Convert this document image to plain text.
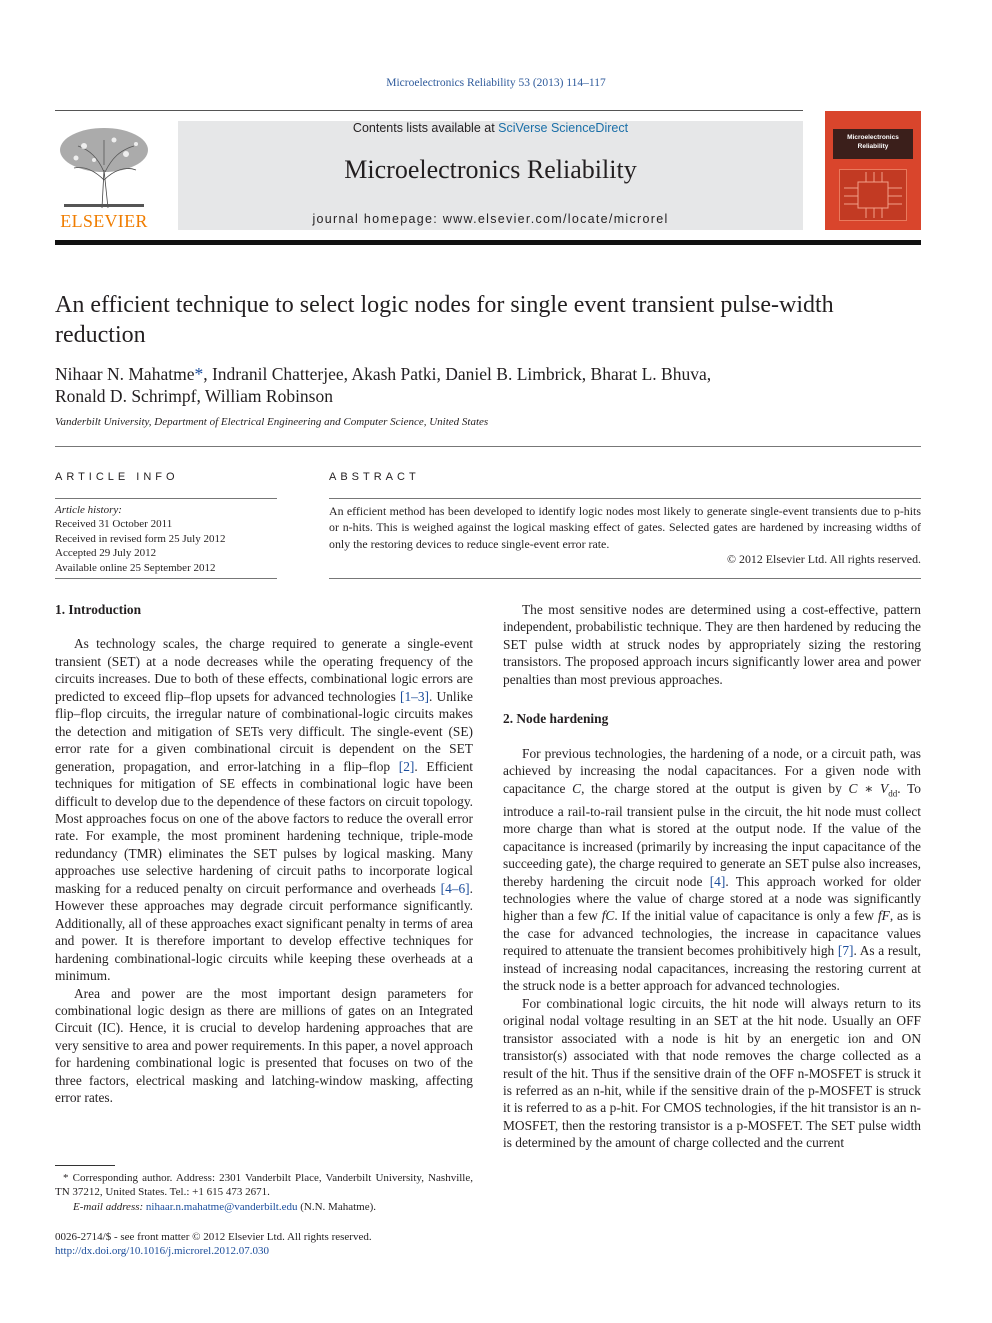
Microelectronics Reliability 53 (2013) 114–117
ELSEVIER
Contents lists available at SciVerse ScienceDirect
Microelectronics Reliability
journal homepage: www.elsevier.com/locate/microrel
Microelectronics Reliability
An efficient technique to select logic nodes for single event transient pulse-width reduction
Nihaar N. Mahatme*, Indranil Chatterjee, Akash Patki, Daniel B. Limbrick, Bharat L. Bhuva,
Ronald D. Schrimpf, William Robinson
Vanderbilt University, Department of Electrical Engineering and Computer Science, United States
ARTICLE INFO
Article history:
Received 31 October 2011
Received in revised form 25 July 2012
Accepted 29 July 2012
Available online 25 September 2012
ABSTRACT
An efficient method has been developed to identify logic nodes most likely to generate single-event transients due to p-hits or n-hits. This is weighed against the logical masking effect of gates. Selected gates are hardened by increasing widths of only the restoring devices to reduce single-event error rate.
© 2012 Elsevier Ltd. All rights reserved.
1. Introduction

As technology scales, the charge required to generate a single-event transient (SET) at a node decreases while the operating frequency of the circuits increases. Due to both of these effects, combinational logic errors are predicted to exceed flip–flop upsets for advanced technologies [1–3]. Unlike flip–flop circuits, the irregular nature of combinational-logic circuits makes the detection and mitigation of SETs very difficult. The single-event (SE) error rate for a given combinational circuit is dependent on the SET generation, propagation, and error-latching in a flip–flop [2]. Efficient techniques for mitigation of SE effects in combinational logic have been difficult to develop due to the dependence of these factors on circuit topology. Most approaches focus on one of the above factors to reduce the overall error rate. For example, the most prominent hardening technique, triple-mode redundancy (TMR) eliminates the SET pulses by logical masking. Many approaches use selective hardening of circuit paths to incorporate logical masking for a reduced penalty on circuit performance and overheads [4–6]. However these approaches may degrade circuit performance significantly. Additionally, all of these approaches exact significant penalty in terms of area and power. It is therefore important to develop effective techniques for hardening combinational-logic circuits while keeping these overheads at a minimum.

Area and power are the most important design parameters for combinational logic design as there are millions of gates on an Integrated Circuit (IC). Hence, it is crucial to develop hardening approaches that are very sensitive to area and power requirements. In this paper, a novel approach for hardening combinational logic is presented that focuses on two of the three factors, electrical masking and latching-window masking, affecting error rates.

* Corresponding author. Address: 2301 Vanderbilt Place, Vanderbilt University, Nashville, TN 37212, United States. Tel.: +1 615 473 2671.
E-mail address: nihaar.n.mahatme@vanderbilt.edu (N.N. Mahatme).
0026-2714/$ - see front matter © 2012 Elsevier Ltd. All rights reserved.
http://dx.doi.org/10.1016/j.microrel.2012.07.030

The most sensitive nodes are determined using a cost-effective, pattern independent, probabilistic technique. They are then hardened by reducing the SET pulse width at struck nodes by appropriately sizing the restoring transistors. The proposed approach incurs significantly lower area and power penalties than most previous approaches.

2. Node hardening

For previous technologies, the hardening of a node, or a circuit path, was achieved by increasing the nodal capacitances. For a given node with capacitance C, the charge stored at the output is given by C ∗ $V_{dd}$. To introduce a rail-to-rail transient pulse in the circuit, the hit node must collect more charge than what is stored at the output node. If the value of the capacitance is increased (primarily by increasing the input capacitance of the succeeding gate), the charge required to generate an SET pulse also increases, thereby hardening the circuit node [4]. This approach worked for older technologies where the value of charge stored at a node was significantly higher than a few fC. If the initial value of capacitance is only a few fF, as is the case for advanced technologies, the increase in capacitance values required to attenuate the transient becomes prohibitively high [7]. As a result, instead of increasing nodal capacitances, increasing the restoring current at the struck node is a better approach for advanced technologies.

For combinational logic circuits, the hit node will always return to its original nodal voltage resulting in an SET at the hit node. Usually an OFF transistor associated with a node is hit by an energetic ion and ON transistor(s) associated with that node removes the charge collected as a result of the hit. Thus if the sensitive drain of the OFF n-MOSFET is struck it is referred as an n-hit, while if the sensitive drain of the p-MOSFET is struck it is referred to as a p-hit. For CMOS technologies, if the hit transistor is an n-MOSFET, then the restoring transistor is a p-MOSFET. The SET pulse width is determined by the amount of charge collected and the current
